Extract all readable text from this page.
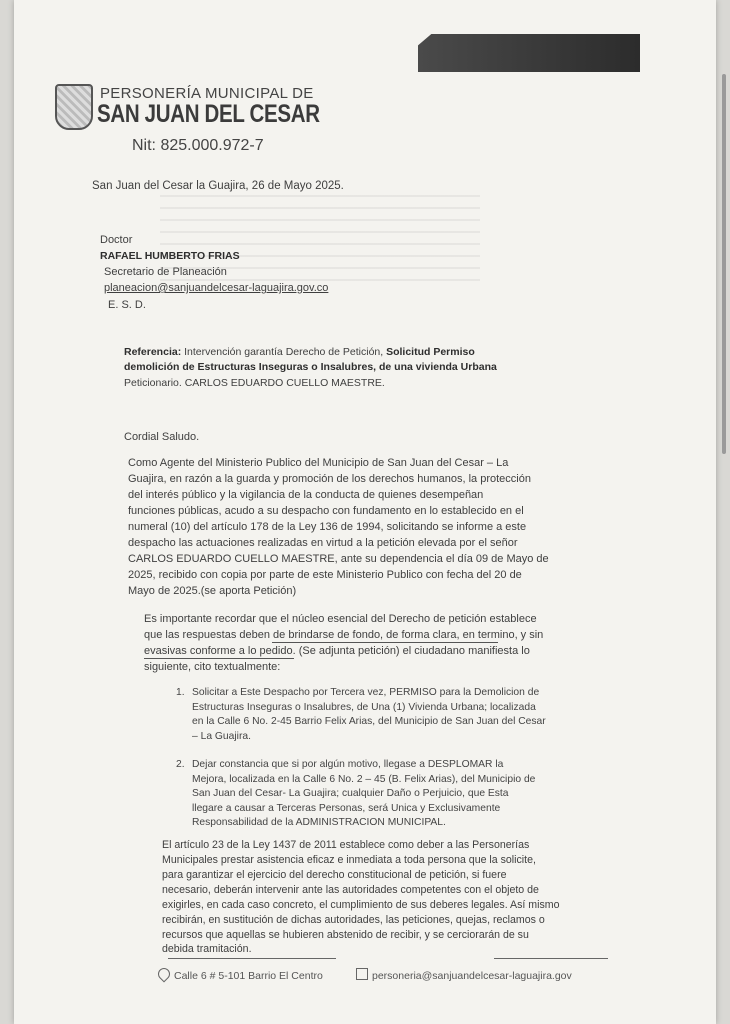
PERSONERÍA MUNICIPAL DE
SAN JUAN DEL CESAR
Nit: 825.000.972-7
San Juan del Cesar la Guajira, 26 de Mayo 2025.
Doctor
RAFAEL HUMBERTO FRIAS
Secretario de Planeación
planeacion@sanjuandelcesar-laguajira.gov.co
E. S. D.
Referencia: Intervención garantía Derecho de Petición, Solicitud Permiso
demolición de Estructuras Inseguras o Insalubres, de una vivienda Urbana
Peticionario. CARLOS EDUARDO CUELLO MAESTRE.
Cordial Saludo.
Como Agente del Ministerio Publico del Municipio de San Juan del Cesar – La
Guajira, en razón a la guarda y promoción de los derechos humanos, la protección
del interés público y la vigilancia de la conducta de quienes desempeñan
funciones públicas, acudo a su despacho con fundamento en lo establecido en el
numeral (10) del artículo 178 de la Ley 136 de 1994, solicitando se informe a este
despacho las actuaciones realizadas en virtud a la petición elevada por el señor
CARLOS EDUARDO CUELLO MAESTRE, ante su dependencia el día 09 de Mayo de
2025, recibido con copia por parte de este Ministerio Publico con fecha del 20 de
Mayo de 2025.(se aporta Petición)
Es importante recordar que el núcleo esencial del Derecho de petición establece
que las respuestas deben de brindarse de fondo, de forma clara, en termino, y sin
evasivas conforme a lo pedido. (Se adjunta petición) el ciudadano manifiesta lo
siguiente, cito textualmente:
1. Solicitar a Este Despacho por Tercera vez, PERMISO para la Demolicion de
Estructuras Inseguras o Insalubres, de Una (1) Vivienda Urbana; localizada
en la Calle 6 No. 2-45 Barrio Felix Arias, del Municipio de San Juan del Cesar
– La Guajira.
2. Dejar constancia que si por algún motivo, llegase a DESPLOMAR la
Mejora, localizada en la Calle 6 No. 2 – 45 (B. Felix Arias), del Municipio de
San Juan del Cesar- La Guajira; cualquier Daño o Perjuicio, que Esta
llegare a causar a Terceras Personas, será Unica y Exclusivamente
Responsabilidad de la ADMINISTRACION MUNICIPAL.
El artículo 23 de la Ley 1437 de 2011 establece como deber a las Personerías
Municipales prestar asistencia eficaz e inmediata a toda persona que la solicite,
para garantizar el ejercicio del derecho constitucional de petición, si fuere
necesario, deberán intervenir ante las autoridades competentes con el objeto de
exigirles, en cada caso concreto, el cumplimiento de sus deberes legales. Así mismo
recibirán, en sustitución de dichas autoridades, las peticiones, quejas, reclamos o
recursos que aquellas se hubieren abstenido de recibir, y se cerciorarán de su
debida tramitación.
Calle 6 # 5-101 Barrio El Centro	personeria@sanjuandelcesar-laguajira.gov
